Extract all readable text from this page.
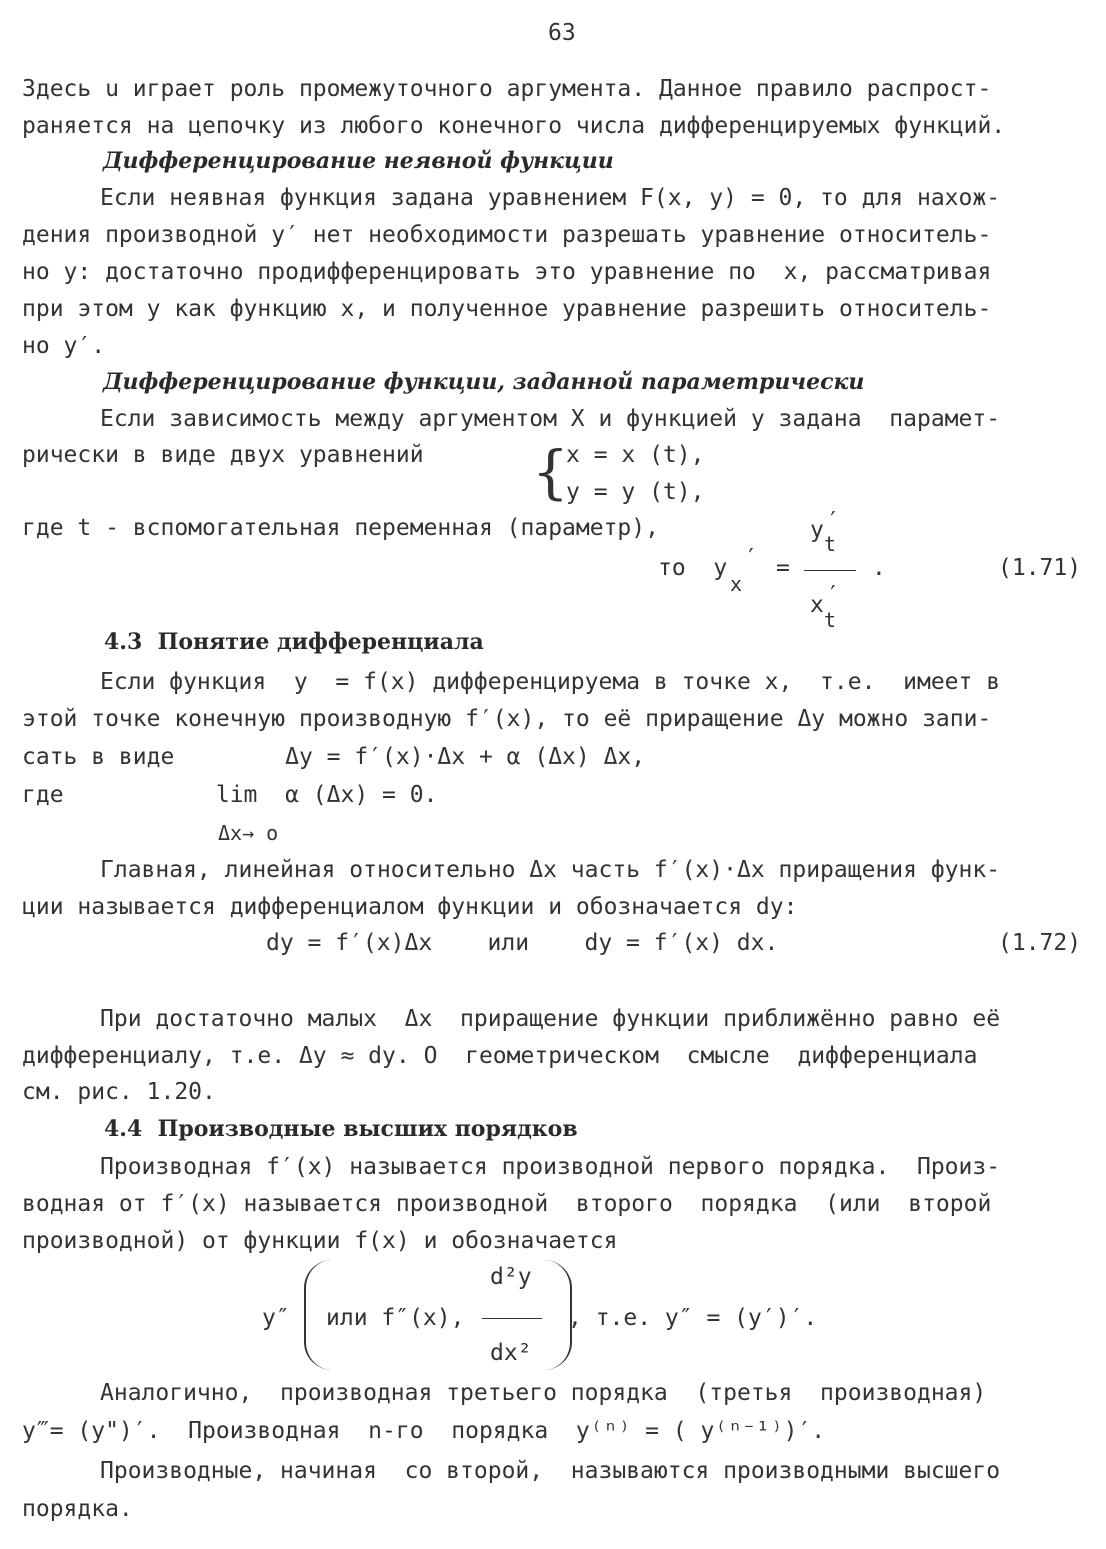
63
Здесь u играет роль промежуточного аргумента. Данное правило распрост-
раняется на цепочку из любого конечного числа дифференцируемых функций.
Дифференцирование неявной функции
Если неявная функция задана уравнением F(x, y) = 0, то для нахож-
дения производной y′ нет необходимости разрешать уравнение относитель-
но y: достаточно продифференцировать это уравнение по  x, рассматривая
при этом y как функцию x, и полученное уравнение разрешить относитель-
но y′.
Дифференцирование функции, заданной параметрически
Если зависимость между аргументом X и функцией y задана  парамет-
рически в виде двух уравнений {
x = x (t),
y = y (t),
где t - вспомогательная переменная (параметр),
то  y ′
x
=
y ′
t
x ′
t
.	(1.71)
4.3  Понятие дифференциала
Если функция  y  = f(x) дифференцируема в точке x,  т.е.  имеет в
этой точке конечную производную f′(x), то её приращение Δy можно запи-
сать в виде        Δy = f′(x)·Δx + α (Δx) Δx,
где           lim  α (Δx) = 0.
Δx→ o
Главная, линейная относительно Δx часть f′(x)·Δx приращения функ-
ции называется дифференциалом функции и обозначается dy:
dy = f′(x)Δx    или    dy = f′(x) dx.	(1.72)
При достаточно малых  Δx  приращение функции приближённо равно её
дифференциалу, т.е. Δy ≈ dy. О  геометрическом  смысле  дифференциала
см. рис. 1.20.
4.4  Производные высших порядков
Производная f′(x) называется производной первого порядка.  Произ-
водная от f′(x) называется производной  второго  порядка  (или  второй
производной) от функции f(x) и обозначается
y″ или f″(x),
d²y
dx²
, т.е. y″ = (y′)′.
Аналогично,  производная третьего порядка  (третья  производная)
y‴= (y")′.  Производная  n-го  порядка  y⁽ⁿ⁾ = ( y⁽ⁿ⁻¹⁾)′.
Производные, начиная  со второй,  называются производными высшего
порядка.
